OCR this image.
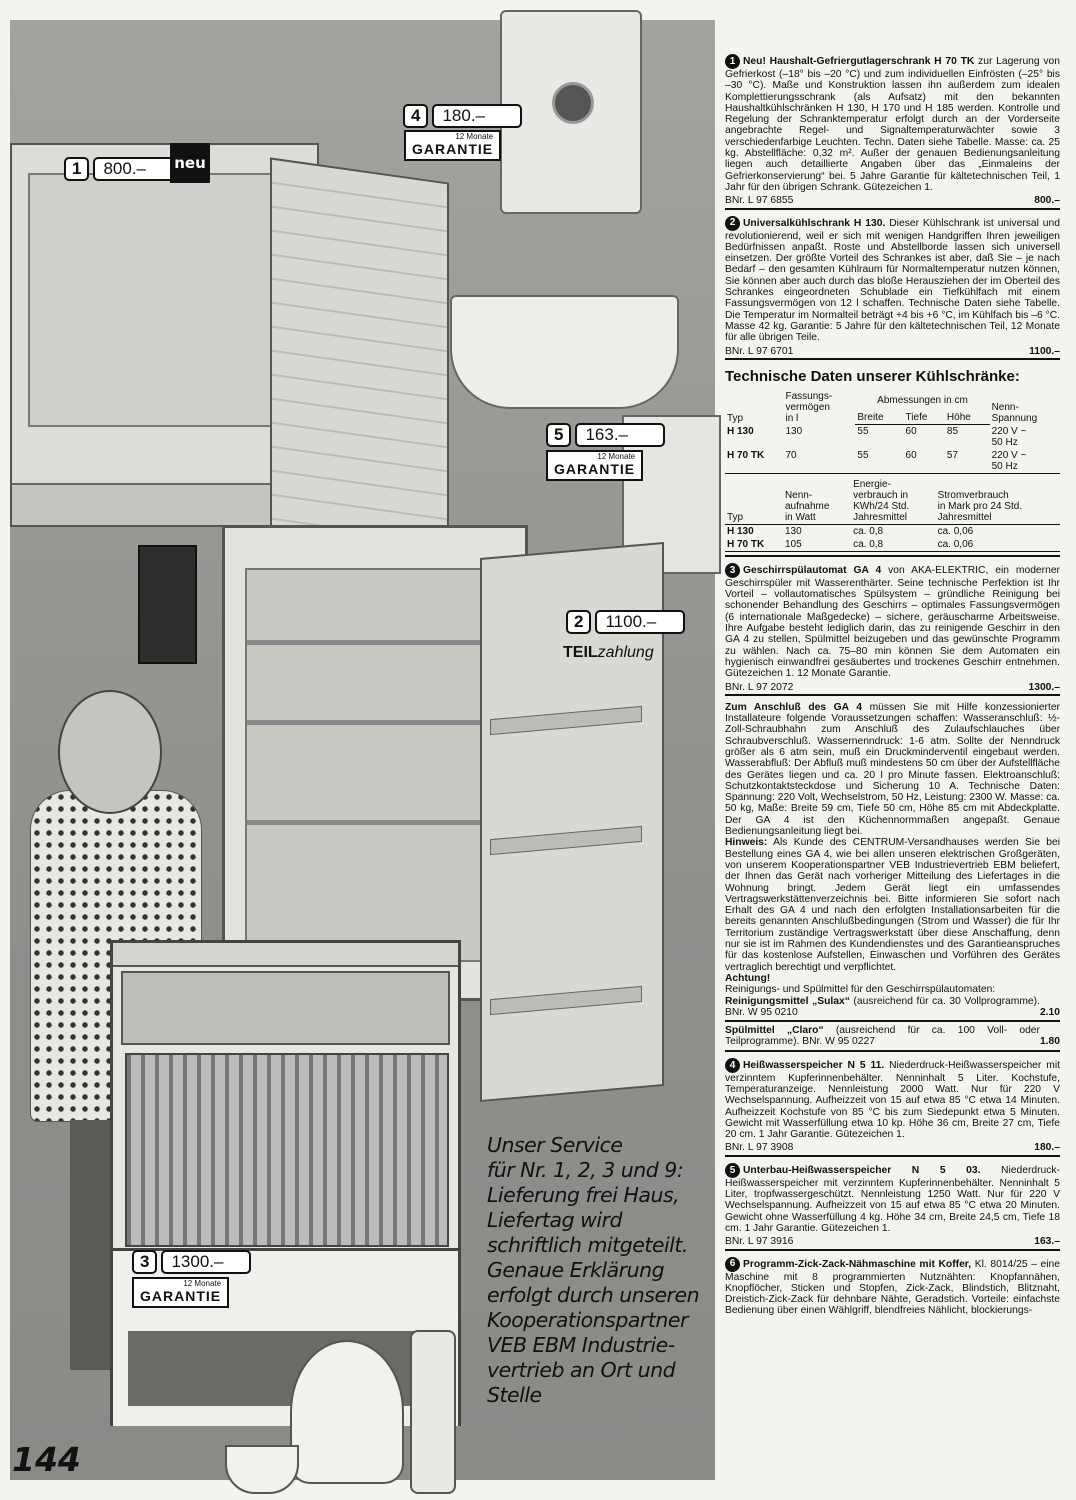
1	800.–	neu
4	180.–
12 Monate
GARANTIE
5	163.–
12 Monate
GARANTIE
2	1100.–
TEILzahlung
3	1300.–
12 Monate
GARANTIE
Unser Service
für Nr. 1, 2, 3 und 9:
Lieferung frei Haus,
Liefertag wird
schriftlich mitgeteilt.
Genaue Erklärung
erfolgt durch unseren
Kooperationspartner
VEB EBM Industrie-
vertrieb an Ort und
Stelle
144
1 Neu! Haushalt-Gefriergutlagerschrank H 70 TK zur Lagerung von Gefrierkost (–18° bis –20 °C) und zum individuellen Einfrösten (–25° bis –30 °C). Maße und Konstruktion lassen ihn außerdem zum idealen Komplettierungsschrank (als Aufsatz) mit den bekannten Haushaltkühlschränken H 130, H 170 und H 185 werden. Kontrolle und Regelung der Schranktemperatur erfolgt durch an der Vorderseite angebrachte Regel- und Signaltemperaturwächter sowie 3 verschiedenfarbige Leuchten. Techn. Daten siehe Tabelle. Masse: ca. 25 kg. Abstellfläche: 0,32 m². Außer der genauen Bedienungsanleitung liegen auch detaillierte Angaben über das „Einmaleins der Gefrierkonservierung“ bei. 5 Jahre Garantie für kältetechnischen Teil, 1 Jahr für den übrigen Schrank. Gütezeichen 1.
BNr. L 97 6855	800.–
2 Universalkühlschrank H 130. Dieser Kühlschrank ist universal und revolutionierend, weil er sich mit wenigen Handgriffen Ihren jeweiligen Bedürfnissen anpaßt. Roste und Abstellborde lassen sich universell einsetzen. Der größte Vorteil des Schrankes ist aber, daß Sie – je nach Bedarf – den gesamten Kühlraum für Normaltemperatur nutzen können, Sie können aber auch durch das bloße Herausziehen der im Oberteil des Schrankes eingeordneten Schublade ein Tiefkühlfach mit einem Fassungsvermögen von 12 l schaffen. Technische Daten siehe Tabelle. Die Temperatur im Normalteil beträgt +4 bis +6 °C, im Kühlfach bis –6 °C. Masse 42 kg. Garantie: 5 Jahre für den kältetechnischen Teil, 12 Monate für alle übrigen Teile.
BNr. L 97 6701	1100.–
Technische Daten unserer Kühlschränke:
Typ	Fassungs-
vermögen
in l	Abmessungen in cm			Nenn-
Spannung
		Breite	Tiefe	Höhe	
H 130	130	55	60	85	220 V ~
50 Hz
H 70 TK	70	55	60	57	220 V ~
50 Hz
Typ	Nenn-
aufnahme
in Watt	Energie-
verbrauch in
KWh/24 Std.
Jahresmittel	Stromverbrauch
in Mark pro 24 Std.
Jahresmittel
H 130	130	ca. 0,8	ca. 0,06
H 70 TK	105	ca. 0,8	ca. 0,06
3 Geschirrspülautomat GA 4 von AKA-ELEKTRIC, ein moderner Geschirrspüler mit Wasserenthärter. Seine technische Perfektion ist Ihr Vorteil – vollautomatisches Spülsystem – gründliche Reinigung bei schonender Behandlung des Geschirrs – optimales Fassungsvermögen (6 internationale Maßgedecke) – sichere, geräuscharme Arbeitsweise. Ihre Aufgabe besteht lediglich darin, das zu reinigende Geschirr in den GA 4 zu stellen, Spülmittel beizugeben und das gewünschte Programm zu wählen. Nach ca. 75–80 min können Sie dem Automaten ein hygienisch einwandfrei gesäubertes und trockenes Geschirr entnehmen. Gütezeichen 1. 12 Monate Garantie.
BNr. L 97 2072	1300.–
Zum Anschluß des GA 4 müssen Sie mit Hilfe konzessionierter Installateure folgende Voraussetzungen schaffen: Wasseranschluß: ½-Zoll-Schraubhahn zum Anschluß des Zulaufschlauches über Schraubverschluß. Wassernenndruck: 1-6 atm. Sollte der Nenndruck größer als 6 atm sein, muß ein Druckminderventil eingebaut werden. Wasserabfluß: Der Abfluß muß mindestens 50 cm über der Aufstellfläche des Gerätes liegen und ca. 20 l pro Minute fassen. Elektroanschluß: Schutzkontaktsteckdose und Sicherung 10 A. Technische Daten: Spannung: 220 Volt, Wechselstrom, 50 Hz, Leistung: 2300 W. Masse: ca. 50 kg, Maße: Breite 59 cm, Tiefe 50 cm, Höhe 85 cm mit Abdeckplatte. Der GA 4 ist den Küchennormmaßen angepaßt. Genaue Bedienungsanleitung liegt bei.
Hinweis: Als Kunde des CENTRUM-Versandhauses werden Sie bei Bestellung eines GA 4, wie bei allen unseren elektrischen Großgeräten, von unserem Kooperationspartner VEB Industrievertrieb EBM beliefert, der Ihnen das Gerät nach vorheriger Mitteilung des Liefertages in die Wohnung bringt. Jedem Gerät liegt ein umfassendes Vertragswerkstättenverzeichnis bei. Bitte informieren Sie sofort nach Erhalt des GA 4 und nach den erfolgten Installationsarbeiten für die bereits genannten Anschlußbedingungen (Strom und Wasser) die für Ihr Territorium zuständige Vertragswerkstatt über diese Anschaffung, denn nur sie ist im Rahmen des Kundendienstes und des Garantieanspruches für das kostenlose Aufstellen, Einwaschen und Vorführen des Gerätes vertraglich berechtigt und verpflichtet.
Achtung!
Reinigungs- und Spülmittel für den Geschirrspülautomaten:
Reinigungsmittel „Sulax“ (ausreichend für ca. 30 Vollprogramme). BNr. W 95 0210	2.10
Spülmittel „Claro“ (ausreichend für ca. 100 Voll- oder Teilprogramme). BNr. W 95 0227	1.80
4 Heißwasserspeicher N 5 11. Niederdruck-Heißwasserspeicher mit verzinntem Kupferinnenbehälter. Nenninhalt 5 Liter. Kochstufe, Temperaturanzeige. Nennleistung 2000 Watt. Nur für 220 V Wechselspannung. Aufheizzeit von 15 auf etwa 85 °C etwa 14 Minuten. Aufheizzeit Kochstufe von 85 °C bis zum Siedepunkt etwa 5 Minuten. Gewicht mit Wasserfüllung etwa 10 kp. Höhe 36 cm, Breite 27 cm, Tiefe 20 cm. 1 Jahr Garantie. Gütezeichen 1.
BNr. L 97 3908	180.–
5 Unterbau-Heißwasserspeicher N 5 03. Niederdruck-Heißwasserspeicher mit verzinntem Kupferinnenbehälter. Nenninhalt 5 Liter, tropfwassergeschützt. Nennleistung 1250 Watt. Nur für 220 V Wechselspannung. Aufheizzeit von 15 auf etwa 85 °C etwa 20 Minuten. Gewicht ohne Wasserfüllung 4 kg. Höhe 34 cm, Breite 24,5 cm, Tiefe 18 cm. 1 Jahr Garantie. Gütezeichen 1.
BNr. L 97 3916	163.–
6 Programm-Zick-Zack-Nähmaschine mit Koffer, Kl. 8014/25 – eine Maschine mit 8 programmierten Nutznähten: Knopfannähen, Knopflöcher, Sticken und Stopfen, Zick-Zack, Blindstich, Blitznaht, Dreistich-Zick-Zack für dehnbare Nähte, Geradstich. Vorteile: einfachste Bedienung über einen Wählgriff, blendfreies Nählicht, blockierungs-
